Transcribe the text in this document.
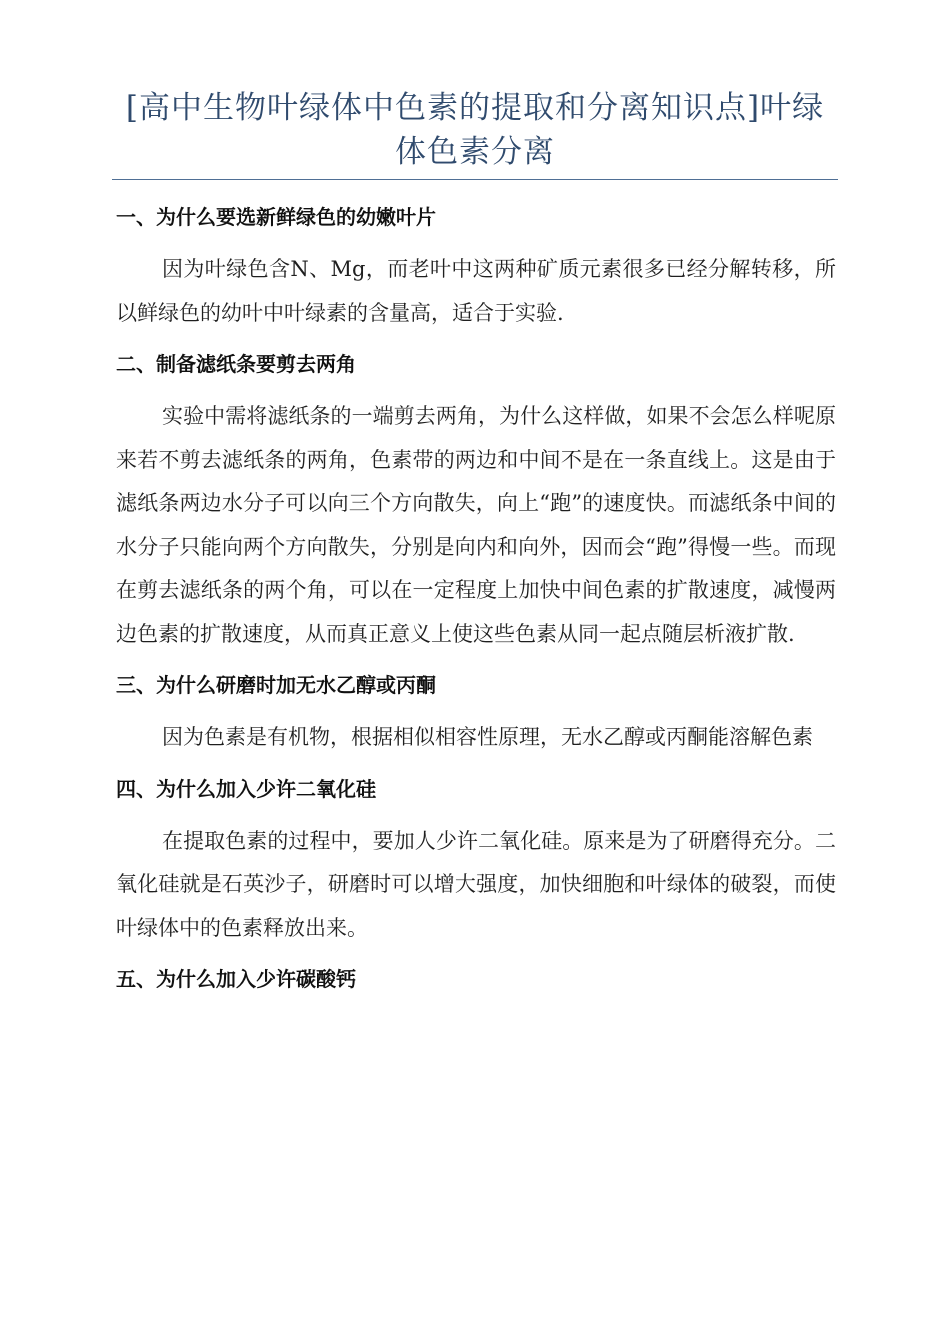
[高中生物叶绿体中色素的提取和分离知识点]叶绿体色素分离
一、为什么要选新鲜绿色的幼嫩叶片

因为叶绿色含N、Mg，而老叶中这两种矿质元素很多已经分解转移，所以鲜绿色的幼叶中叶绿素的含量高，适合于实验.

二、制备滤纸条要剪去两角

实验中需将滤纸条的一端剪去两角，为什么这样做，如果不会怎么样呢原来若不剪去滤纸条的两角，色素带的两边和中间不是在一条直线上。这是由于滤纸条两边水分子可以向三个方向散失，向上“跑”的速度快。而滤纸条中间的水分子只能向两个方向散失，分别是向内和向外，因而会“跑”得慢一些。而现在剪去滤纸条的两个角，可以在一定程度上加快中间色素的扩散速度，减慢两边色素的扩散速度，从而真正意义上使这些色素从同一起点随层析液扩散.

三、为什么研磨时加无水乙醇或丙酮

因为色素是有机物，根据相似相容性原理，无水乙醇或丙酮能溶解色素

四、为什么加入少许二氧化硅

在提取色素的过程中，要加人少许二氧化硅。原来是为了研磨得充分。二氧化硅就是石英沙子，研磨时可以增大强度，加快细胞和叶绿体的破裂，而使叶绿体中的色素释放出来。

五、为什么加入少许碳酸钙
